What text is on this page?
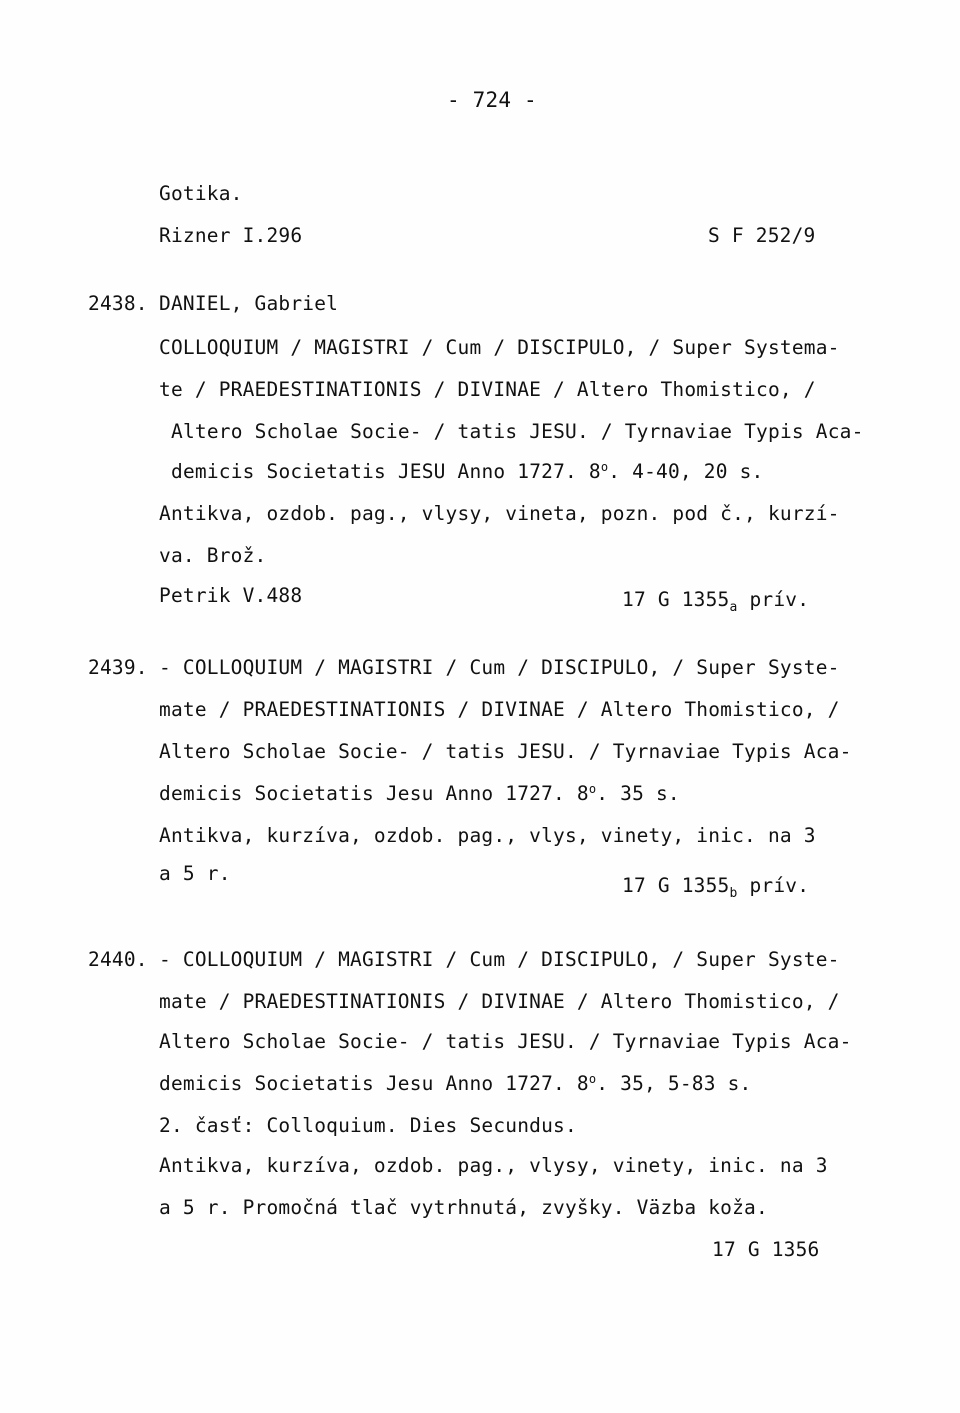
- 724 -
Gotika.
Rizner I.296	S F 252/9
2438. DANIEL, Gabriel
COLLOQUIUM / MAGISTRI / Cum / DISCIPULO, / Super Systema-
te / PRAEDESTINATIONIS / DIVINAE / Altero Thomistico, /
Altero Scholae Socie- / tatis JESU. / Tyrnaviae Typis Aca-
demicis Societatis JESU Anno 1727. 8$^o$. 4-40, 20 s.
Antikva, ozdob. pag., vlysy, vineta, pozn. pod č., kurzí-
va. Brož.
Petrik V.488	17 G $1355_a$ prív.
2439. - COLLOQUIUM / MAGISTRI / Cum / DISCIPULO, / Super Syste-
mate / PRAEDESTINATIONIS / DIVINAE / Altero Thomistico, /
Altero Scholae Socie- / tatis JESU. / Tyrnaviae Typis Aca-
demicis Societatis Jesu Anno 1727. 8$^o$. 35 s.
Antikva, kurzíva, ozdob. pag., vlys, vinety, inic. na 3
a 5 r.
17 G $1355_b$ prív.
2440. - COLLOQUIUM / MAGISTRI / Cum / DISCIPULO, / Super Syste-
mate / PRAEDESTINATIONIS / DIVINAE / Altero Thomistico, /
Altero Scholae Socie- / tatis JESU. / Tyrnaviae Typis Aca-
demicis Societatis Jesu Anno 1727. 8$^o$. 35, 5-83 s.
2. časť: Colloquium. Dies Secundus.
Antikva, kurzíva, ozdob. pag., vlysy, vinety, inic. na 3
a 5 r. Promočná tlač vytrhnutá, zvyšky. Väzba koža.
17 G 1356
